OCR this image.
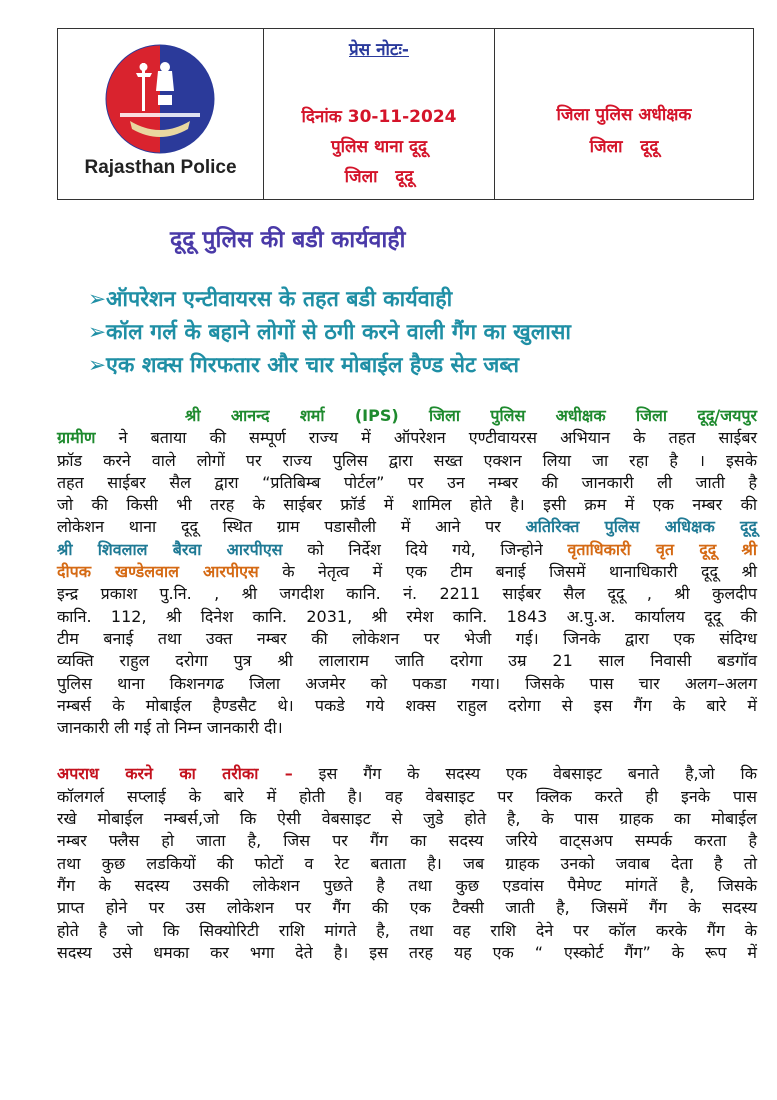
Rajasthan Police

प्रेस नोटः-
दिनांक 30-11-2024
पुलिस थाना दूदू
जिला   दूदू

जिला पुलिस अधीक्षक
जिला   दूदू
दूदू पुलिस की बडी कार्यवाही
➢ऑपरेशन एन्टीवायरस के तहत बडी कार्यवाही
➢कॉल गर्ल के बहाने लोगों से ठगी करने वाली गैंग का खुलासा
➢एक शक्स गिरफतार और चार मोबाईल हैण्ड सेट जब्त

श्री आनन्द शर्मा (IPS) जिला पुलिस अधीक्षक जिला दूदू/जयपुर
ग्रामीण ने बताया की सम्पूर्ण राज्य में ऑपरेशन एण्टीवायरस अभियान के तहत साईबर
फ्रॉड करने वाले लोगों पर राज्य पुलिस द्वारा सख्त एक्शन लिया जा रहा है । इसके
तहत साईबर सैल द्वारा “प्रतिबिम्ब पोर्टल” पर उन नम्बर की जानकारी ली जाती है
जो की किसी भी तरह के साईबर फ्रॉर्ड में शामिल होते है। इसी क्रम में एक नम्बर की
लोकेशन थाना दूदू स्थित ग्राम पडासौली में आने पर अतिरिक्त पुलिस अधिक्षक दूदू
श्री शिवलाल बैरवा आरपीएस को निर्देश दिये गये, जिन्होने वृताधिकारी वृत दूदू श्री
दीपक खण्डेलवाल आरपीएस के नेतृत्व में एक टीम बनाई जिसमें थानाधिकारी दूदू श्री
इन्द्र प्रकाश पु.नि. , श्री जगदीश कानि. नं. 2211 साईबर सैल दूदू , श्री कुलदीप
कानि. 112, श्री दिनेश कानि. 2031, श्री रमेश कानि. 1843 अ.पु.अ. कार्यालय दूदू की
टीम बनाई तथा उक्त नम्बर की लोकेशन पर भेजी गई। जिनके द्वारा एक संदिग्ध
व्यक्ति राहुल दरोगा पुत्र श्री लालाराम जाति दरोगा उम्र 21 साल निवासी बडगॉव
पुलिस थाना किशनगढ जिला अजमेर को पकडा गया। जिसके पास चार अलग–अलग
नम्बर्स के मोबाईल हैण्डसैट थे। पकडे गये शक्स राहुल दरोगा से इस गैंग के बारे में
जानकारी ली गई तो निम्न जानकारी दी।

अपराध करने का तरीका – इस गैंग के सदस्य एक वेबसाइट बनाते है,जो कि
कॉलगर्ल सप्लाई के बारे में होती है। वह वेबसाइट पर क्लिक करते ही इनके पास
रखे मोबाईल नम्बर्स,जो कि ऐसी वेबसाइट से जुडे होते है, के पास ग्राहक का मोबाईल
नम्बर फ्लैस हो जाता है, जिस पर गैंग का सदस्य जरिये वाट्सअप सम्पर्क करता है
तथा कुछ लडकियों की फोटों व रेट बताता है। जब ग्राहक उनको जवाब देता है तो
गैंग के सदस्य उसकी लोकेशन पुछते है तथा कुछ एडवांस पैमेण्ट मांगतें है, जिसके
प्राप्त होने पर उस लोकेशन पर गैंग की एक टैक्सी जाती है, जिसमें गैंग के सदस्य
होते है जो कि सिक्योरिटी राशि मांगते है, तथा वह राशि देने पर कॉल करके गैंग के
सदस्य उसे धमका कर भगा देते है। इस तरह यह एक “ एस्कोर्ट गैंग” के रूप में
